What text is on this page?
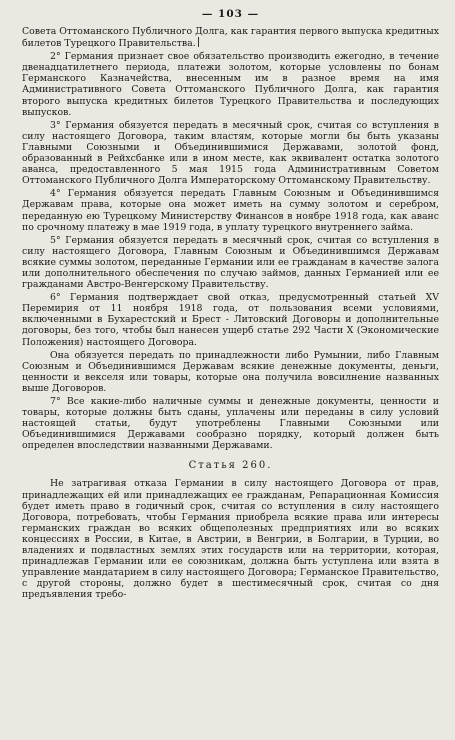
— 103 —

Совета Оттоманского Публичного Долга, как гарантия первого выпуска кредитных билетов Турецкого Правительства.

2° Германия признает свое обязательство производить ежегодно, в течение двенадцатилетнего периода, платежи золотом, которые условлены по бонам Германского Казначейства, внесенным им в разное время на имя Административного Совета Оттоманского Публичного Долга, как гарантия второго выпуска кредитных билетов Турецкого Правительства и последующих выпусков.

3° Германия обязуется передать в месячный срок, считая со вступления в силу настоящего Договора, таким властям, которые могли бы быть указаны Главными Союзными и Объединившимися Державами, золотой фонд, образованный в Рейхсбанке или в ином месте, как эквивалент остатка золотого аванса, предоставленного 5 мая 1915 года Административным Советом Оттоманского Публичного Долга Императорскому Оттоманскому Правительству.

4° Германия обязуется передать Главным Союзным и Объединившимся Державам права, которые она может иметь на сумму золотом и серебром, переданную ею Турецкому Министерству Финансов в ноябре 1918 года, как аванс по срочному платежу в мае 1919 года, в уплату турецкого внутреннего займа.

5° Германия обязуется передать в месячный срок, считая со вступления в силу настоящего Договора, Главным Союзным и Объединившимся Державам всякие суммы золотом, переданные Германии или ее гражданам в качестве залога или дополнительного обеспечения по случаю займов, данных Германией или ее гражданами Австро-Венгерскому Правительству.

6° Германия подтверждает свой отказ, предусмотренный статьей XV Перемирия от 11 ноября 1918 года, от пользования всеми условиями, включенными в Бухарестский и Брест - Литовский Договоры и дополнительные договоры, без того, чтобы был нанесен ущерб статье 292 Части X (Экономические Положения) настоящего Договора.

Она обязуется передать по принадлежности либо Румынии, либо Главным Союзным и Объединившимся Державам всякие денежные документы, деньги, ценности и векселя или товары, которые она получила вовсилнение названных выше Договоров.

7° Все какие-либо наличные суммы и денежные документы, ценности и товары, которые должны быть сданы, уплачены или переданы в силу условий настоящей статьи, будут употреблены Главными Союзными или Объединившимися Державами сообразно порядку, который должен быть определен впоследствии названными Державами.

Статья 260.

Не затрагивая отказа Германии в силу настоящего Договора от прав, принадлежащих ей или принадлежащих ее гражданам, Репарационная Комиссия будет иметь право в годичный срок, считая со вступления в силу настоящего Договора, потребовать, чтобы Германия приобрела всякие права или интересы германских граждан во всяких общеполезных предприятиях или во всяких концессиях в России, в Китае, в Австрии, в Венгрии, в Болгарии, в Турции, во владениях и подвластных землях этих государств или на территории, которая, принадлежав Германии или ее союзникам, должна быть уступлена или взята в управление мандатарием в силу настоящего Договора; Германское Правительство, с другой стороны, должно будет в шестимесячный срок, считая со дня предъявления требо-
